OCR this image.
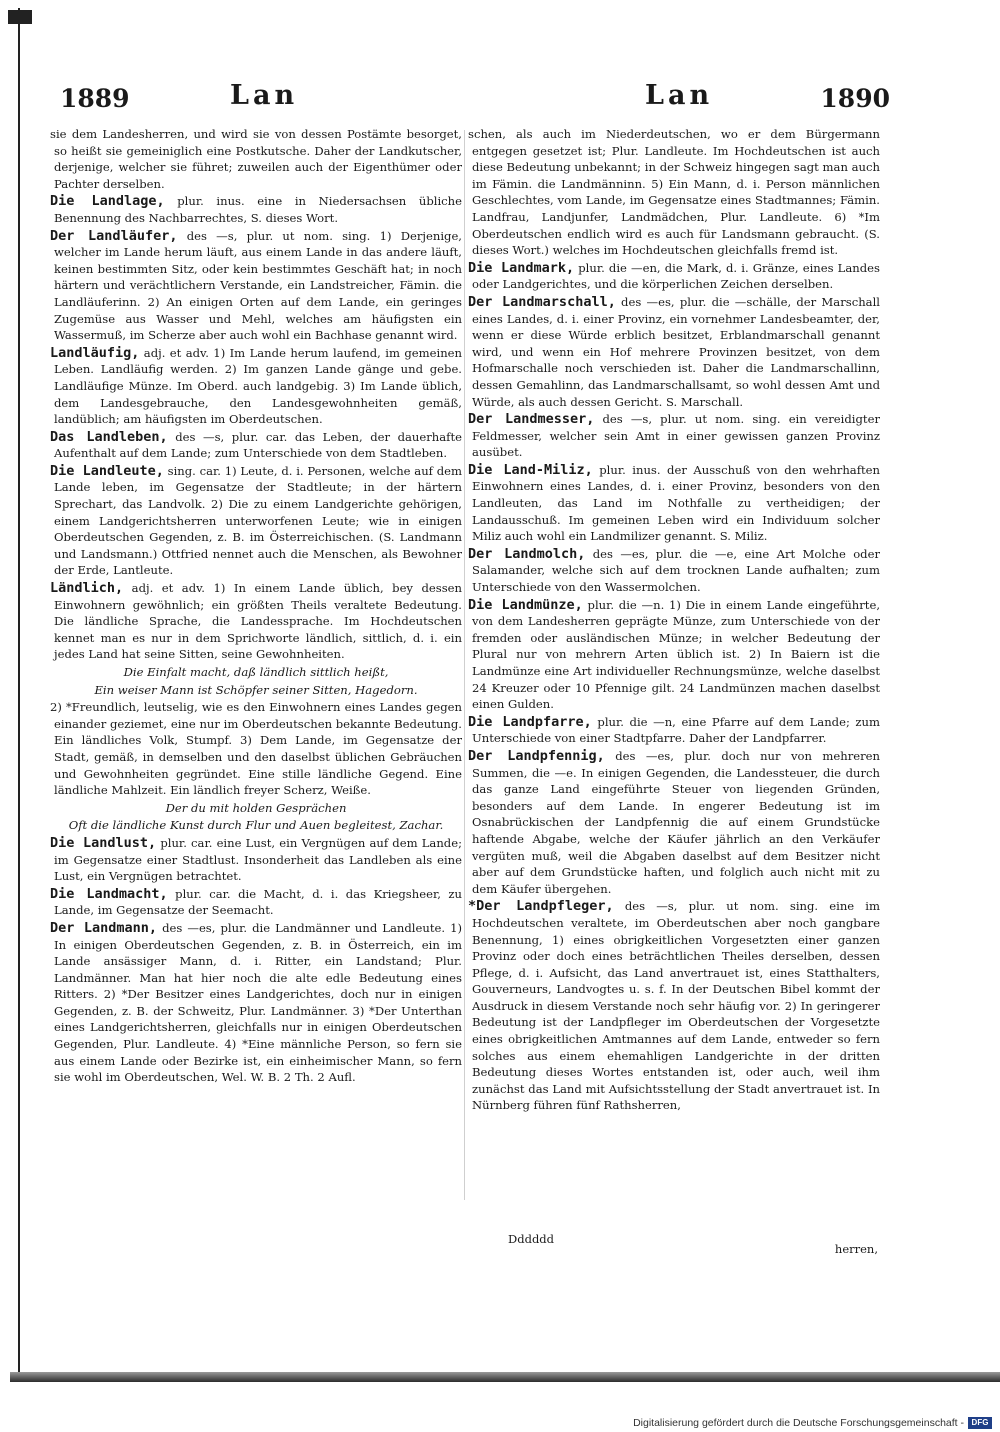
1889	Lan	Lan	1890

sie dem Landesherren, und wird sie von dessen Postämte besorget, so heißt sie gemeiniglich eine Postkutsche. Daher der Landkutscher, derjenige, welcher sie führet; zuweilen auch der Eigenthümer oder Pachter derselben.

Die Landlage, plur. inus. eine in Niedersachsen übliche Benennung des Nachbarrechtes, S. dieses Wort.

Der Landläufer, des —s, plur. ut nom. sing. 1) Derjenige, welcher im Lande herum läuft, aus einem Lande in das andere läuft, keinen bestimmten Sitz, oder kein bestimmtes Geschäft hat; in noch härtern und verächtlichern Verstande, ein Landstreicher, Fämin. die Landläuferinn. 2) An einigen Orten auf dem Lande, ein geringes Zugemüse aus Wasser und Mehl, welches am häufigsten ein Wassermuß, im Scherze aber auch wohl ein Bachhase genannt wird.

Landläufig, adj. et adv. 1) Im Lande herum laufend, im gemeinen Leben. Landläufig werden. 2) Im ganzen Lande gänge und gebe. Landläufige Münze. Im Oberd. auch landgebig. 3) Im Lande üblich, dem Landesgebrauche, den Landesgewohnheiten gemäß, landüblich; am häufigsten im Oberdeutschen.

Das Landleben, des —s, plur. car. das Leben, der dauerhafte Aufenthalt auf dem Lande; zum Unterschiede von dem Stadtleben.

Die Landleute, sing. car. 1) Leute, d. i. Personen, welche auf dem Lande leben, im Gegensatze der Stadtleute; in der härtern Sprechart, das Landvolk. 2) Die zu einem Landgerichte gehörigen, einem Landgerichtsherren unterworfenen Leute; wie in einigen Oberdeutschen Gegenden, z. B. im Österreichischen. (S. Landmann und Landsmann.) Ottfried nennet auch die Menschen, als Bewohner der Erde, Lantleute.

Ländlich, adj. et adv. 1) In einem Lande üblich, bey dessen Einwohnern gewöhnlich; ein größten Theils veraltete Bedeutung. Die ländliche Sprache, die Landessprache. Im Hochdeutschen kennet man es nur in dem Sprichworte ländlich, sittlich, d. i. ein jedes Land hat seine Sitten, seine Gewohnheiten.

Die Einfalt macht, daß ländlich sittlich heißt,

Ein weiser Mann ist Schöpfer seiner Sitten, Hagedorn.

2) *Freundlich, leutselig, wie es den Einwohnern eines Landes gegen einander geziemet, eine nur im Oberdeutschen bekannte Bedeutung. Ein ländliches Volk, Stumpf. 3) Dem Lande, im Gegensatze der Stadt, gemäß, in demselben und den daselbst üblichen Gebräuchen und Gewohnheiten gegründet. Eine stille ländliche Gegend. Eine ländliche Mahlzeit. Ein ländlich freyer Scherz, Weiße.

Der du mit holden Gesprächen

Oft die ländliche Kunst durch Flur und Auen begleitest, Zachar.

Die Landlust, plur. car. eine Lust, ein Vergnügen auf dem Lande; im Gegensatze einer Stadtlust. Insonderheit das Landleben als eine Lust, ein Vergnügen betrachtet.

Die Landmacht, plur. car. die Macht, d. i. das Kriegsheer, zu Lande, im Gegensatze der Seemacht.

Der Landmann, des —es, plur. die Landmänner und Landleute. 1) In einigen Oberdeutschen Gegenden, z. B. in Österreich, ein im Lande ansässiger Mann, d. i. Ritter, ein Landstand; Plur. Landmänner. Man hat hier noch die alte edle Bedeutung eines Ritters. 2) *Der Besitzer eines Landgerichtes, doch nur in einigen Gegenden, z. B. der Schweitz, Plur. Landmänner. 3) *Der Unterthan eines Landgerichtsherren, gleichfalls nur in einigen Oberdeutschen Gegenden, Plur. Landleute. 4) *Eine männliche Person, so fern sie aus einem Lande oder Bezirke ist, ein einheimischer Mann, so fern sie wohl im Oberdeutschen, Wel. W. B. 2 Th. 2 Aufl.

schen, als auch im Niederdeutschen, wo er dem Bürgermann entgegen gesetzet ist; Plur. Landleute. Im Hochdeutschen ist auch diese Bedeutung unbekannt; in der Schweiz hingegen sagt man auch im Fämin. die Landmänninn. 5) Ein Mann, d. i. Person männlichen Geschlechtes, vom Lande, im Gegensatze eines Stadtmannes; Fämin. Landfrau, Landjunfer, Landmädchen, Plur. Landleute. 6) *Im Oberdeutschen endlich wird es auch für Landsmann gebraucht. (S. dieses Wort.) welches im Hochdeutschen gleichfalls fremd ist.

Die Landmark, plur. die —en, die Mark, d. i. Gränze, eines Landes oder Landgerichtes, und die körperlichen Zeichen derselben.

Der Landmarschall, des —es, plur. die —schälle, der Marschall eines Landes, d. i. einer Provinz, ein vornehmer Landesbeamter, der, wenn er diese Würde erblich besitzet, Erblandmarschall genannt wird, und wenn ein Hof mehrere Provinzen besitzet, von dem Hofmarschalle noch verschieden ist. Daher die Landmarschallinn, dessen Gemahlinn, das Landmarschallsamt, so wohl dessen Amt und Würde, als auch dessen Gericht. S. Marschall.

Der Landmesser, des —s, plur. ut nom. sing. ein vereidigter Feldmesser, welcher sein Amt in einer gewissen ganzen Provinz ausübet.

Die Land-Miliz, plur. inus. der Ausschuß von den wehrhaften Einwohnern eines Landes, d. i. einer Provinz, besonders von den Landleuten, das Land im Nothfalle zu vertheidigen; der Landausschuß. Im gemeinen Leben wird ein Individuum solcher Miliz auch wohl ein Landmilizer genannt. S. Miliz.

Der Landmolch, des —es, plur. die —e, eine Art Molche oder Salamander, welche sich auf dem trocknen Lande aufhalten; zum Unterschiede von den Wassermolchen.

Die Landmünze, plur. die —n. 1) Die in einem Lande eingeführte, von dem Landesherren geprägte Münze, zum Unterschiede von der fremden oder ausländischen Münze; in welcher Bedeutung der Plural nur von mehrern Arten üblich ist. 2) In Baiern ist die Landmünze eine Art individueller Rechnungsmünze, welche daselbst 24 Kreuzer oder 10 Pfennige gilt. 24 Landmünzen machen daselbst einen Gulden.

Die Landpfarre, plur. die —n, eine Pfarre auf dem Lande; zum Unterschiede von einer Stadtpfarre. Daher der Landpfarrer.

Der Landpfennig, des —es, plur. doch nur von mehreren Summen, die —e. In einigen Gegenden, die Landessteuer, die durch das ganze Land eingeführte Steuer von liegenden Gründen, besonders auf dem Lande. In engerer Bedeutung ist im Osnabrückischen der Landpfennig die auf einem Grundstücke haftende Abgabe, welche der Käufer jährlich an den Verkäufer vergüten muß, weil die Abgaben daselbst auf dem Besitzer nicht aber auf dem Grundstücke haften, und folglich auch nicht mit zu dem Käufer übergehen.

*Der Landpfleger, des —s, plur. ut nom. sing. eine im Hochdeutschen veraltete, im Oberdeutschen aber noch gangbare Benennung, 1) eines obrigkeitlichen Vorgesetzten einer ganzen Provinz oder doch eines beträchtlichen Theiles derselben, dessen Pflege, d. i. Aufsicht, das Land anvertrauet ist, eines Statthalters, Gouverneurs, Landvogtes u. s. f. In der Deutschen Bibel kommt der Ausdruck in diesem Verstande noch sehr häufig vor. 2) In geringerer Bedeutung ist der Landpfleger im Oberdeutschen der Vorgesetzte eines obrigkeitlichen Amtmannes auf dem Lande, entweder so fern solches aus einem ehemahligen Landgerichte in der dritten Bedeutung dieses Wortes entstanden ist, oder auch, weil ihm zunächst das Land mit Aufsichtsstellung der Stadt anvertrauet ist. In Nürnberg führen fünf Rathsherren,

Dddddd
herren,
Digitalisierung gefördert durch die Deutsche Forschungsgemeinschaft - DFG
